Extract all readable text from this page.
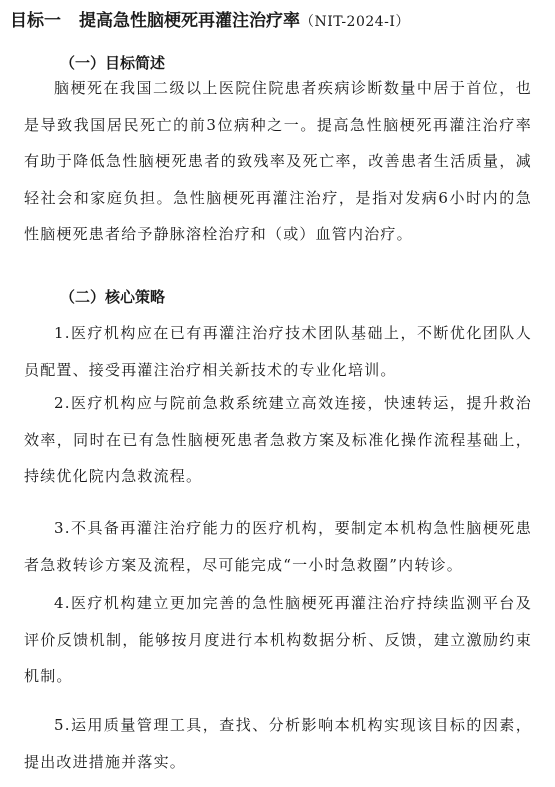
目标一 提高急性脑梗死再灌注治疗率（NIT-2024-Ⅰ）
（一）目标简述

脑梗死在我国二级以上医院住院患者疾病诊断数量中居于首位，也是导致我国居民死亡的前3位病种之一。提高急性脑梗死再灌注治疗率有助于降低急性脑梗死患者的致残率及死亡率，改善患者生活质量，减轻社会和家庭负担。急性脑梗死再灌注治疗，是指对发病6小时内的急性脑梗死患者给予静脉溶栓治疗和（或）血管内治疗。

（二）核心策略

1.医疗机构应在已有再灌注治疗技术团队基础上，不断优化团队人员配置、接受再灌注治疗相关新技术的专业化培训。

2.医疗机构应与院前急救系统建立高效连接，快速转运，提升救治效率，同时在已有急性脑梗死患者急救方案及标准化操作流程基础上，持续优化院内急救流程。

3.不具备再灌注治疗能力的医疗机构，要制定本机构急性脑梗死患者急救转诊方案及流程，尽可能完成“一小时急救圈”内转诊。

4.医疗机构建立更加完善的急性脑梗死再灌注治疗持续监测平台及评价反馈机制，能够按月度进行本机构数据分析、反馈，建立激励约束机制。

5.运用质量管理工具，查找、分析影响本机构实现该目标的因素，提出改进措施并落实。
